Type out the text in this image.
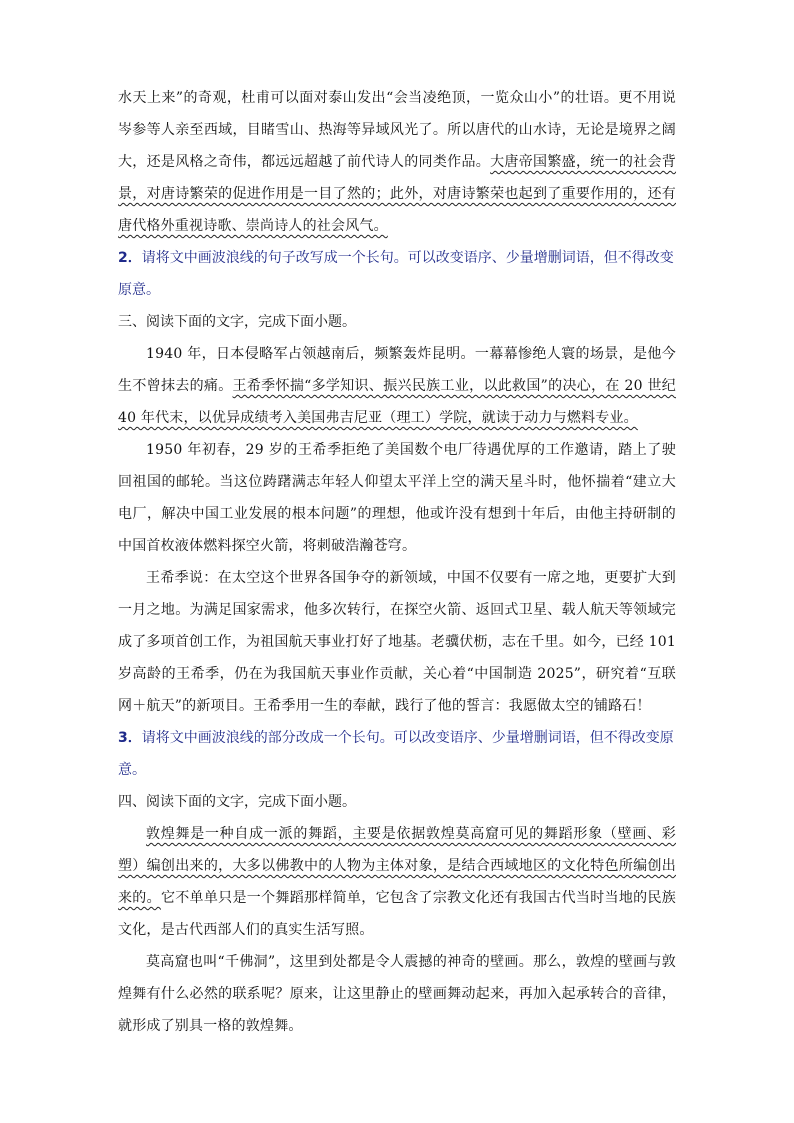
水天上来”的奇观，杜甫可以面对泰山发出“会当凌绝顶，一览众山小”的壮语。更不用说岑参等人亲至西域，目睹雪山、热海等异域风光了。所以唐代的山水诗，无论是境界之阔大，还是风格之奇伟，都远远超越了前代诗人的同类作品。大唐帝国繁盛，统一的社会背景，对唐诗繁荣的促进作用是一目了然的；此外，对唐诗繁荣也起到了重要作用的，还有唐代格外重视诗歌、崇尚诗人的社会风气。

2．请将文中画波浪线的句子改写成一个长句。可以改变语序、少量增删词语，但不得改变原意。

三、阅读下面的文字，完成下面小题。

1940 年，日本侵略军占领越南后，频繁轰炸昆明。一幕幕惨绝人寰的场景，是他今生不曾抹去的痛。王希季怀揣“多学知识、振兴民族工业，以此救国”的决心，在 20 世纪 40 年代末，以优异成绩考入美国弗吉尼亚（理工）学院，就读于动力与燃料专业。

1950 年初春，29 岁的王希季拒绝了美国数个电厂待遇优厚的工作邀请，踏上了驶回祖国的邮轮。当这位踌躇满志年轻人仰望太平洋上空的满天星斗时，他怀揣着“建立大电厂，解决中国工业发展的根本问题”的理想，他或许没有想到十年后，由他主持研制的中国首枚液体燃料探空火箭，将刺破浩瀚苍穹。

王希季说：在太空这个世界各国争夺的新领域，中国不仅要有一席之地，更要扩大到一月之地。为满足国家需求，他多次转行，在探空火箭、返回式卫星、载人航天等领域完成了多项首创工作，为祖国航天事业打好了地基。老骥伏枥，志在千里。如今，已经 101 岁高龄的王希季，仍在为我国航天事业作贡献，关心着“中国制造 2025”，研究着“互联网＋航天”的新项目。王希季用一生的奉献，践行了他的誓言：我愿做太空的铺路石！

3．请将文中画波浪线的部分改成一个长句。可以改变语序、少量增删词语，但不得改变原意。

四、阅读下面的文字，完成下面小题。

敦煌舞是一种自成一派的舞蹈，主要是依据敦煌莫高窟可见的舞蹈形象（壁画、彩塑）编创出来的，大多以佛教中的人物为主体对象，是结合西域地区的文化特色所编创出来的。它不单单只是一个舞蹈那样简单，它包含了宗教文化还有我国古代当时当地的民族文化，是古代西部人们的真实生活写照。

莫高窟也叫“千佛洞”，这里到处都是令人震撼的神奇的壁画。那么，敦煌的壁画与敦煌舞有什么必然的联系呢？原来，让这里静止的壁画舞动起来，再加入起承转合的音律，就形成了别具一格的敦煌舞。
